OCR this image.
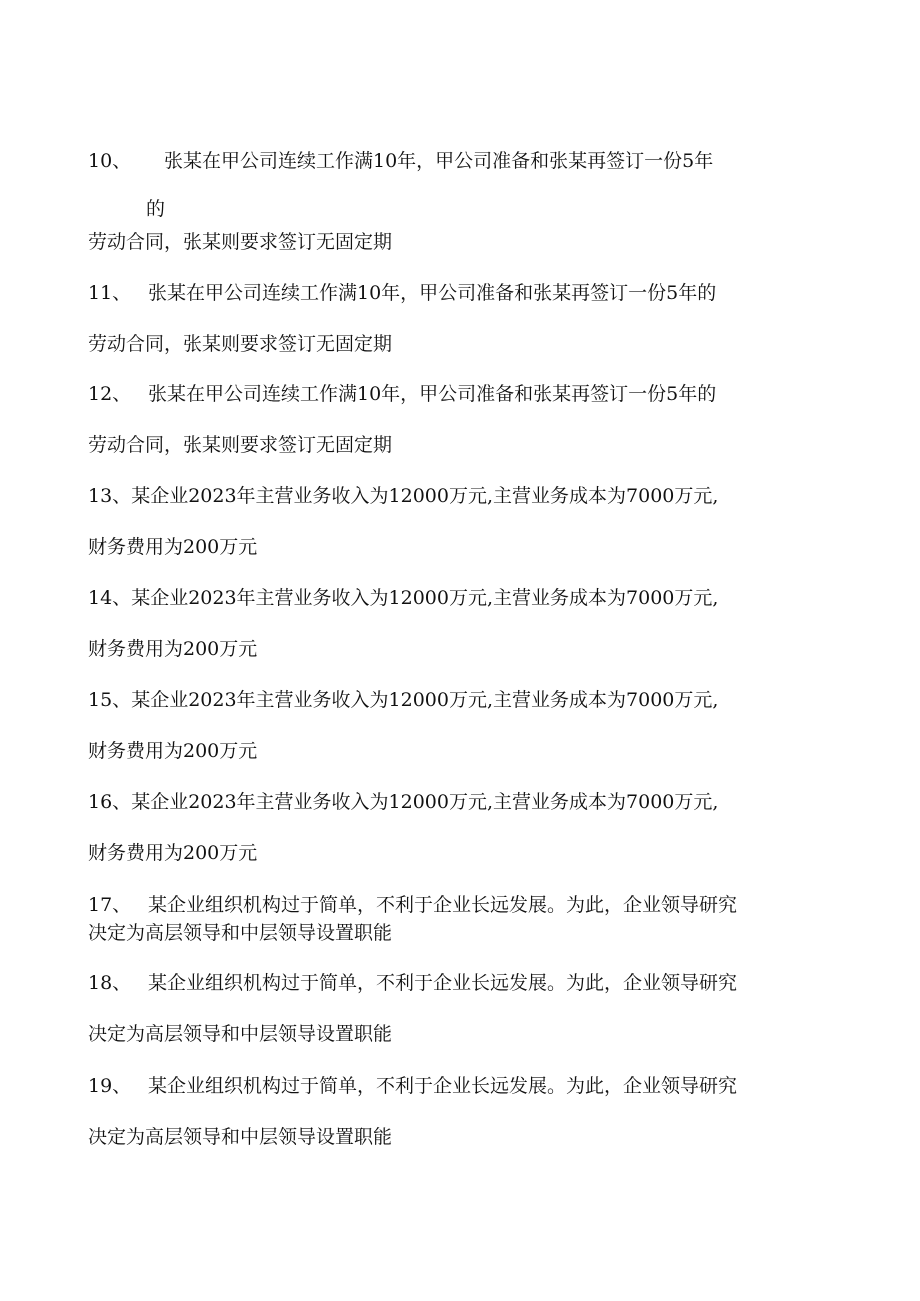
10、 张某在甲公司连续工作满10年，甲公司准备和张某再签订一份5年
的
劳动合同，张某则要求签订无固定期
11、 张某在甲公司连续工作满10年，甲公司准备和张某再签订一份5年的
劳动合同，张某则要求签订无固定期
12、 张某在甲公司连续工作满10年，甲公司准备和张某再签订一份5年的
劳动合同，张某则要求签订无固定期
13、某企业2023年主营业务收入为12000万元,主营业务成本为7000万元,
财务费用为200万元
14、某企业2023年主营业务收入为12000万元,主营业务成本为7000万元,
财务费用为200万元
15、某企业2023年主营业务收入为12000万元,主营业务成本为7000万元,
财务费用为200万元
16、某企业2023年主营业务收入为12000万元,主营业务成本为7000万元,
财务费用为200万元
17、 某企业组织机构过于简单，不利于企业长远发展。为此，企业领导研究
决定为高层领导和中层领导设置职能
18、 某企业组织机构过于简单，不利于企业长远发展。为此，企业领导研究
决定为高层领导和中层领导设置职能
19、 某企业组织机构过于简单，不利于企业长远发展。为此，企业领导研究
决定为高层领导和中层领导设置职能
